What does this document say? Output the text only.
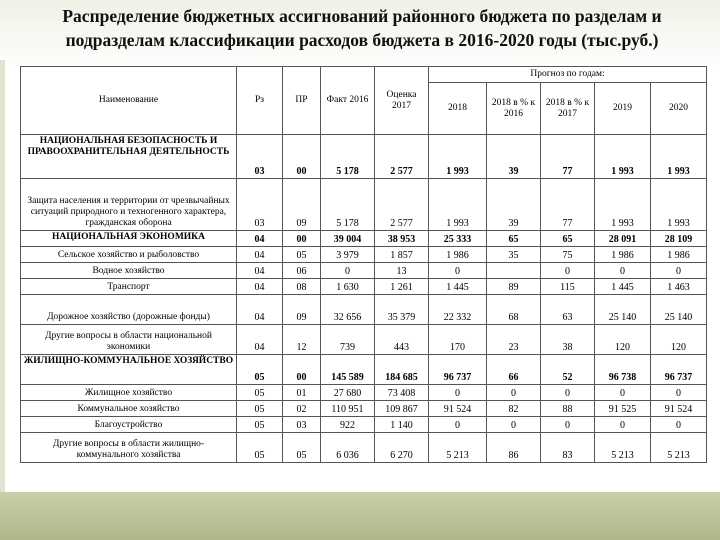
Распределение бюджетных ассигнований районного бюджета по разделам и подразделам классификации расходов бюджета в 2016-2020 годы (тыс.руб.)
Наименование	Рз	ПР	Факт 2016	Оценка 2017	Прогноз по годам:				
					2018	2018 в % к 2016	2018 в % к 2017	2019	2020
НАЦИОНАЛЬНАЯ БЕЗОПАСНОСТЬ И ПРАВООХРАНИТЕЛЬНАЯ ДЕЯТЕЛЬНОСТЬ	03	00	5 178	2 577	1 993	39	77	1 993	1 993
Защита населения и территории от чрезвычайных ситуаций природного и техногенного характера, гражданская оборона	03	09	5 178	2 577	1 993	39	77	1 993	1 993
НАЦИОНАЛЬНАЯ ЭКОНОМИКА	04	00	39 004	38 953	25 333	65	65	28 091	28 109
Сельское хозяйство и рыболовство	04	05	3 979	1 857	1 986	35	75	1 986	1 986
Водное хозяйство	04	06	0	13	0		0	0	0
Транспорт	04	08	1 630	1 261	1 445	89	115	1 445	1 463
Дорожное хозяйство (дорожные фонды)	04	09	32 656	35 379	22 332	68	63	25 140	25 140
Другие вопросы в области национальной экономики	04	12	739	443	170	23	38	120	120
ЖИЛИЩНО-КОММУНАЛЬНОЕ ХОЗЯЙСТВО	05	00	145 589	184 685	96 737	66	52	96 738	96 737
Жилищное хозяйство	05	01	27 680	73 408	0	0	0	0	0
Коммунальное хозяйство	05	02	110 951	109 867	91 524	82	88	91 525	91 524
Благоустройство	05	03	922	1 140	0	0	0	0	0
Другие вопросы в области жилищно-коммунального хозяйства	05	05	6 036	6 270	5 213	86	83	5 213	5 213
